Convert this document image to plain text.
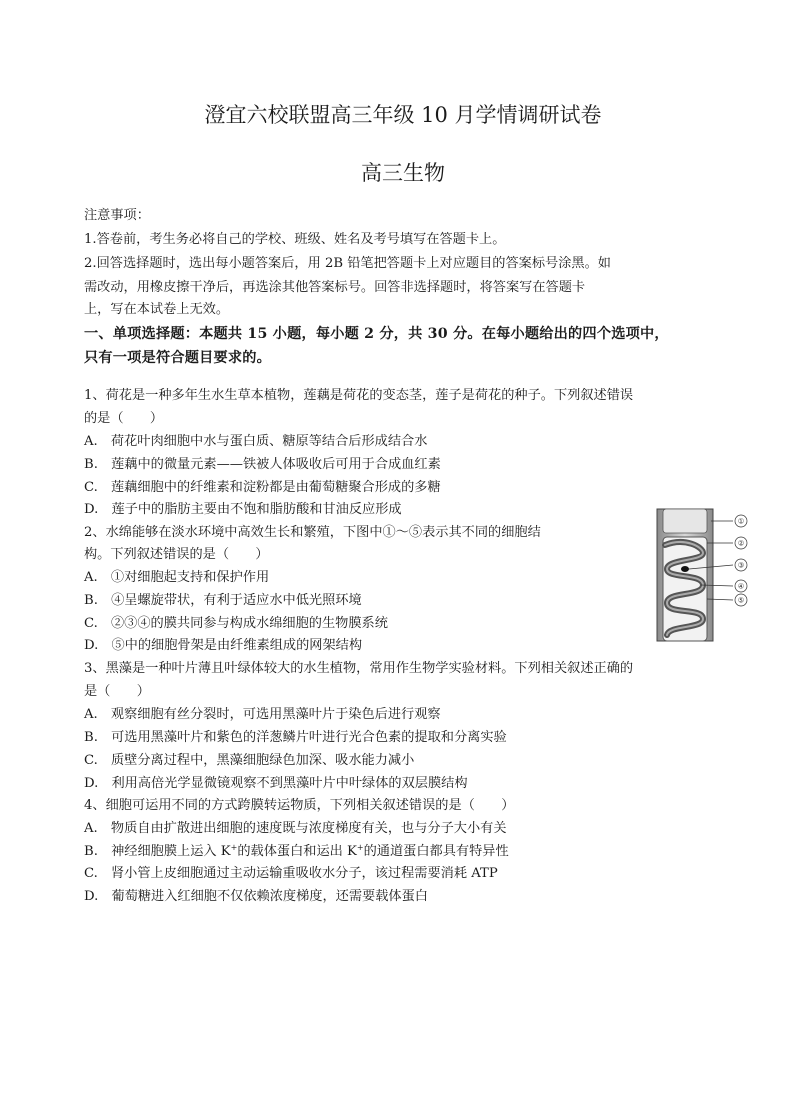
澄宜六校联盟高三年级 10 月学情调研试卷
高三生物
注意事项：
1.答卷前，考生务必将自己的学校、班级、姓名及考号填写在答题卡上。
2.回答选择题时，选出每小题答案后，用 2B 铅笔把答题卡上对应题目的答案标号涂黑。如
需改动，用橡皮擦干净后，再选涂其他答案标号。回答非选择题时，将答案写在答题卡
上，写在本试卷上无效。
一、单项选择题：本题共 15 小题，每小题 2 分，共 30 分。在每小题给出的四个选项中，
只有一项是符合题目要求的。
1、荷花是一种多年生水生草本植物，莲藕是荷花的变态茎，莲子是荷花的种子。下列叙述错误
的是（　　）
A.　荷花叶肉细胞中水与蛋白质、糖原等结合后形成结合水
B.　莲藕中的微量元素——铁被人体吸收后可用于合成血红素
C.　莲藕细胞中的纤维素和淀粉都是由葡萄糖聚合形成的多糖
D.　莲子中的脂肪主要由不饱和脂肪酸和甘油反应形成
2、水绵能够在淡水环境中高效生长和繁殖，下图中①～⑤表示其不同的细胞结
构。下列叙述错误的是（　　）
A.　①对细胞起支持和保护作用
B.　④呈螺旋带状，有利于适应水中低光照环境
C.　②③④的膜共同参与构成水绵细胞的生物膜系统
D.　⑤中的细胞骨架是由纤维素组成的网架结构
①
②
③
④
⑤
3、黑藻是一种叶片薄且叶绿体较大的水生植物，常用作生物学实验材料。下列相关叙述正确的
是（　　）
A.　观察细胞有丝分裂时，可选用黑藻叶片于染色后进行观察
B.　可选用黑藻叶片和紫色的洋葱鳞片叶进行光合色素的提取和分离实验
C.　质壁分离过程中，黑藻细胞绿色加深、吸水能力减小
D.　利用高倍光学显微镜观察不到黑藻叶片中叶绿体的双层膜结构
4、细胞可运用不同的方式跨膜转运物质，下列相关叙述错误的是（　　）
A.　物质自由扩散进出细胞的速度既与浓度梯度有关，也与分子大小有关
B.　神经细胞膜上运入 K+的载体蛋白和运出 K+的通道蛋白都具有特异性
C.　肾小管上皮细胞通过主动运输重吸收水分子，该过程需要消耗 ATP
D.　葡萄糖进入红细胞不仅依赖浓度梯度，还需要载体蛋白
